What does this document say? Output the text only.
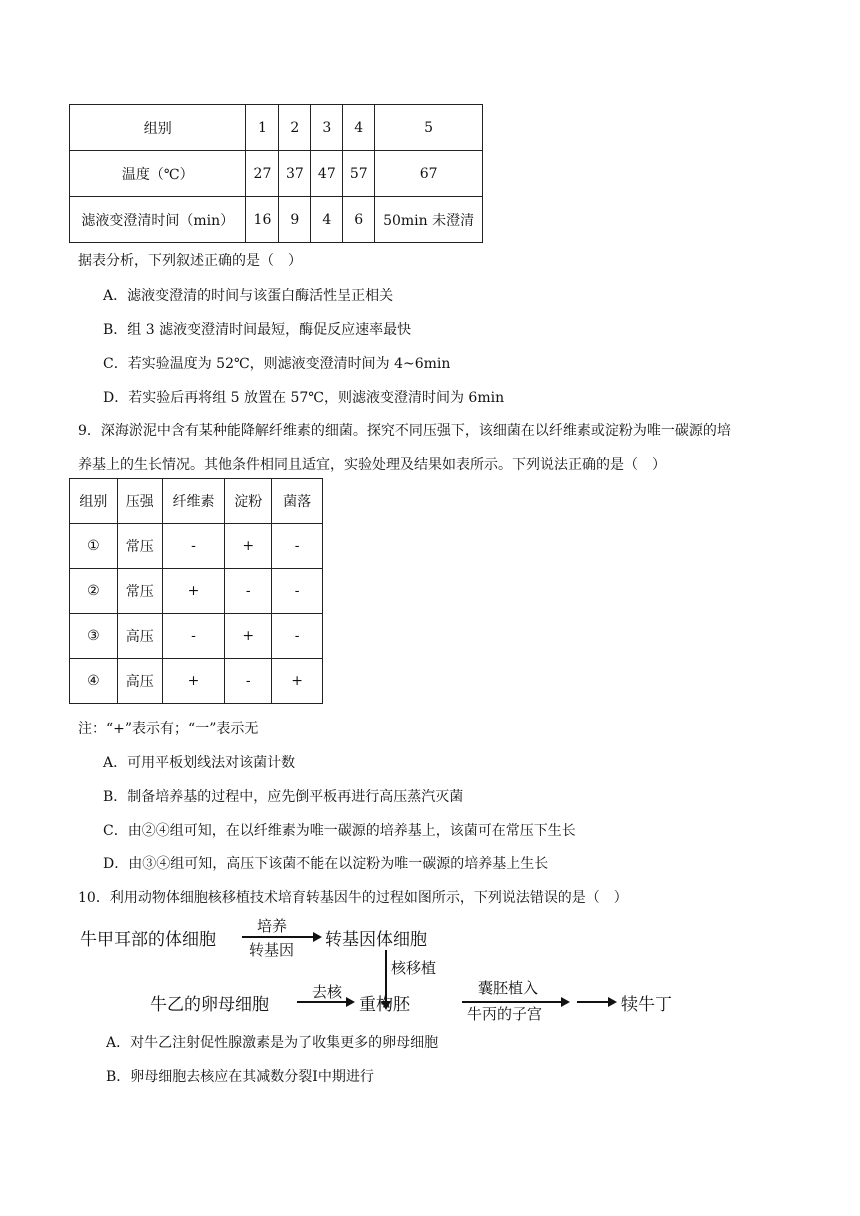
组别	1	2	3	4	5
温度（℃）	27	37	47	57	67
滤液变澄清时间（min）	16	9	4	6	50min 未澄清
据表分析，下列叙述正确的是（　）
A．滤液变澄清的时间与该蛋白酶活性呈正相关
B．组 3 滤液变澄清时间最短，酶促反应速率最快
C．若实验温度为 52℃，则滤液变澄清时间为 4~6min
D．若实验后再将组 5 放置在 57℃，则滤液变澄清时间为 6min
9．深海淤泥中含有某种能降解纤维素的细菌。探究不同压强下，该细菌在以纤维素或淀粉为唯一碳源的培
养基上的生长情况。其他条件相同且适宜，实验处理及结果如表所示。下列说法正确的是（　）
组别	压强	纤维素	淀粉	菌落
①	常压	-	+	-
②	常压	+	-	-
③	高压	-	+	-
④	高压	+	-	+
注：“+”表示有；“一”表示无
A．可用平板划线法对该菌计数
B．制备培养基的过程中，应先倒平板再进行高压蒸汽灭菌
C．由②④组可知，在以纤维素为唯一碳源的培养基上，该菌可在常压下生长
D．由③④组可知，高压下该菌不能在以淀粉为唯一碳源的培养基上生长
10．利用动物体细胞核移植技术培育转基因牛的过程如图所示，下列说法错误的是（　）
牛甲耳部的体细胞
培养
转基因 转基因体细胞
核移植
牛乙的卵母细胞
去核
重构胚
囊胚植入
牛丙的子宫	犊牛丁
A．对牛乙注射促性腺激素是为了收集更多的卵母细胞
B．卵母细胞去核应在其减数分裂Ⅰ中期进行
